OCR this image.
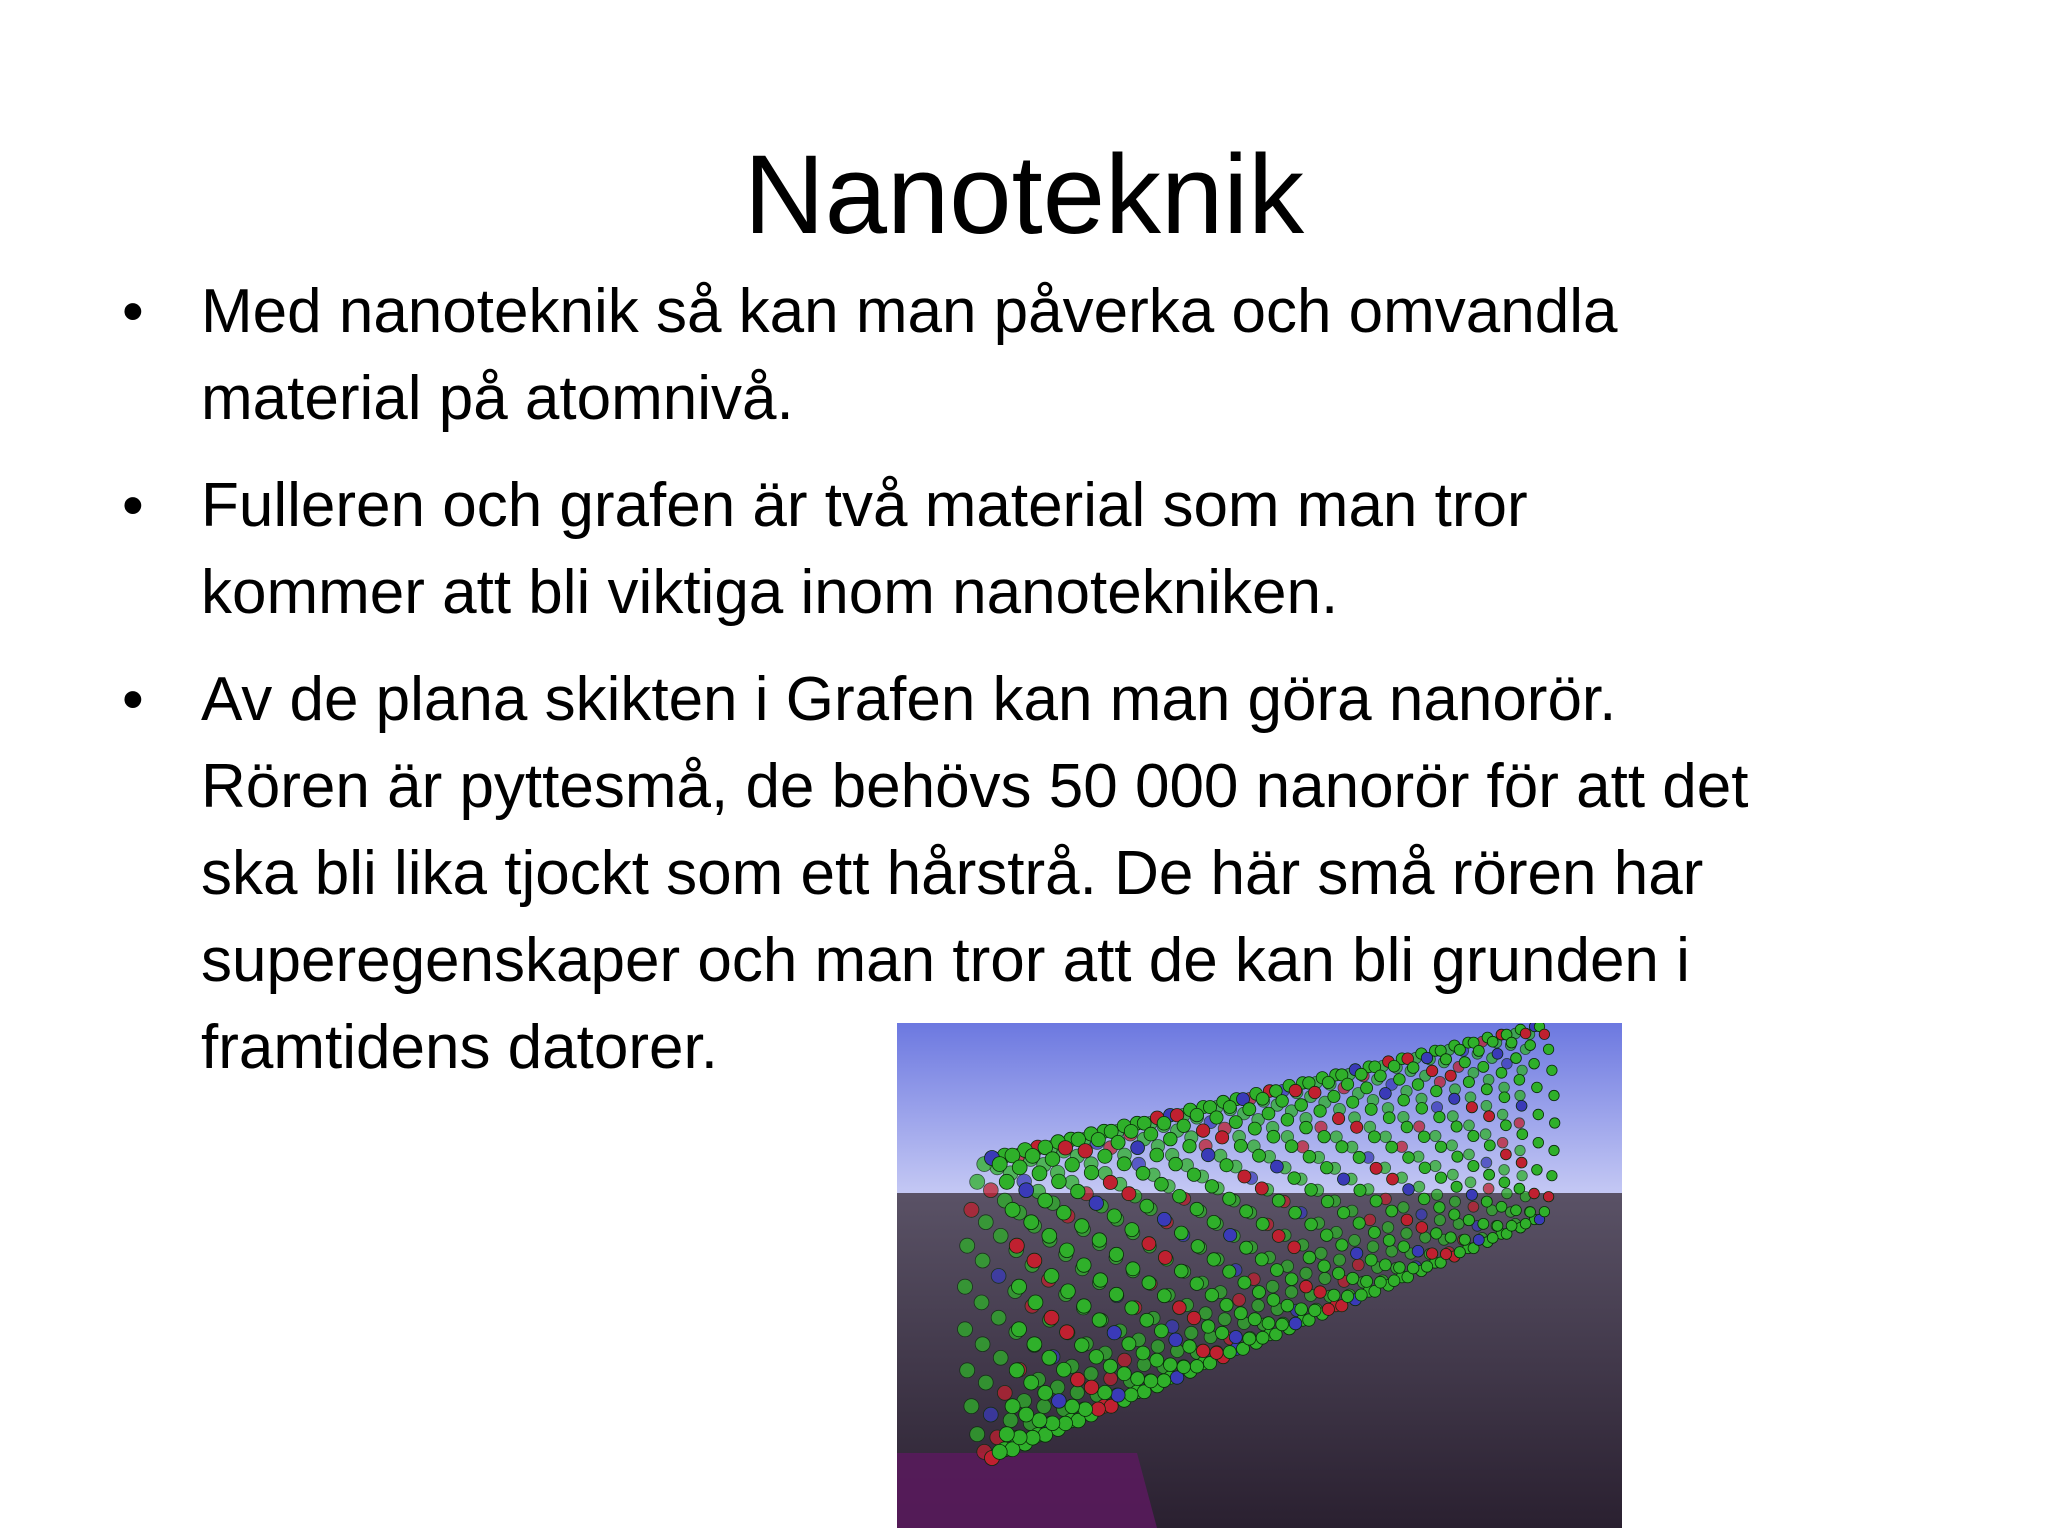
Nanoteknik
• Med nanoteknik så kan man påverka och omvandla material på atomnivå.
• Fulleren och grafen är två material som man tror kommer att bli viktiga inom nanotekniken.
• Av de plana skikten i Grafen kan man göra nanorör. Rören är pyttesmå, de behövs 50 000 nanorör för att det ska bli lika tjockt som ett hårstrå. De här små rören har superegenskaper och man tror att de kan bli grunden i framtidens datorer.
